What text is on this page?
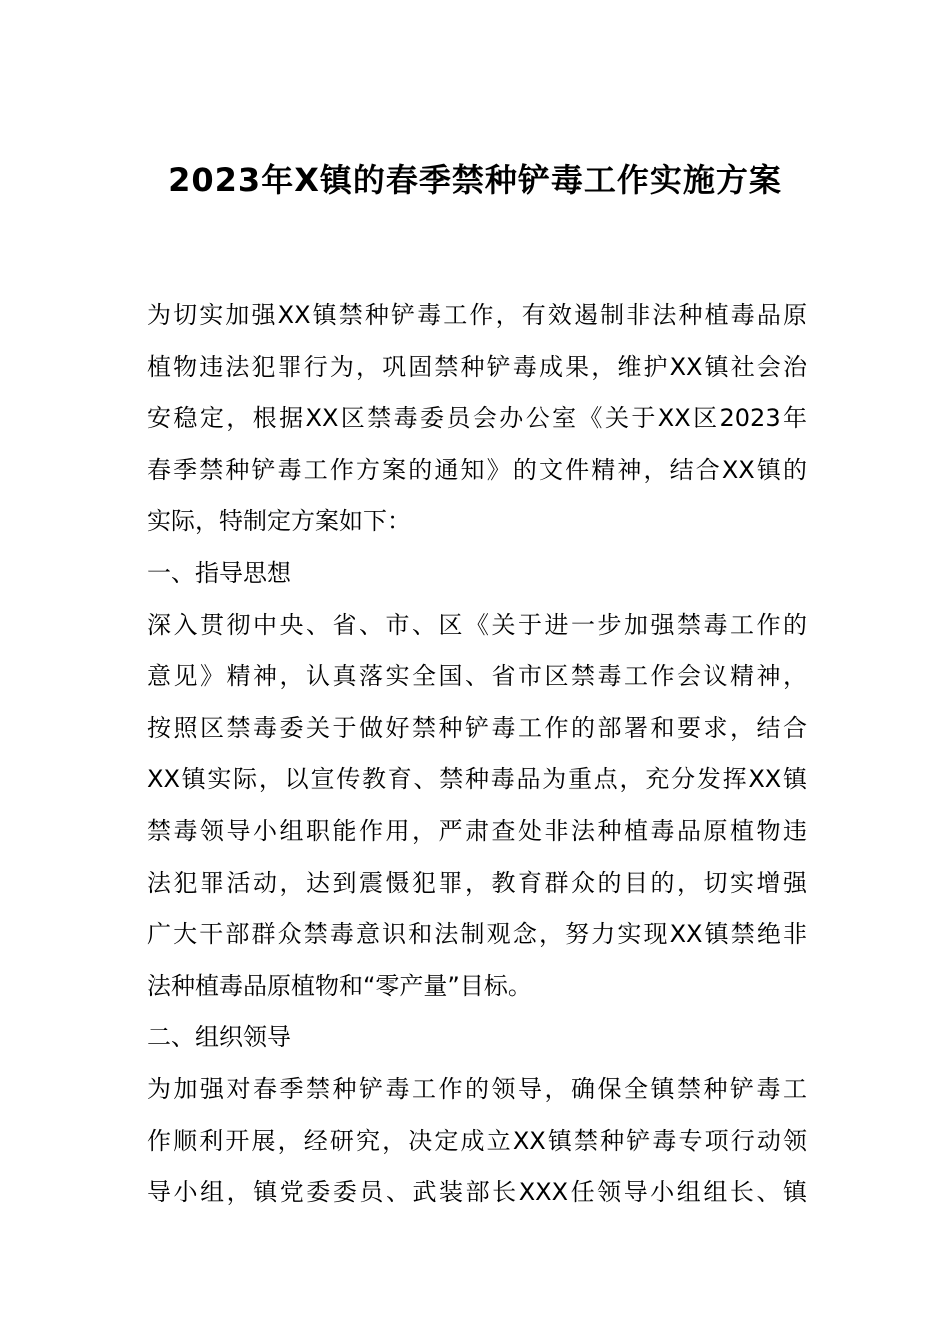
2023年X镇的春季禁种铲毒工作实施方案
为切实加强XX镇禁种铲毒工作，有效遏制非法种植毒品原
植物违法犯罪行为，巩固禁种铲毒成果，维护XX镇社会治
安稳定，根据XX区禁毒委员会办公室《关于XX区2023年
春季禁种铲毒工作方案的通知》的文件精神，结合XX镇的
实际，特制定方案如下：
一、指导思想
深入贯彻中央、省、市、区《关于进一步加强禁毒工作的
意见》精神，认真落实全国、省市区禁毒工作会议精神，
按照区禁毒委关于做好禁种铲毒工作的部署和要求，结合
XX镇实际，以宣传教育、禁种毒品为重点，充分发挥XX镇
禁毒领导小组职能作用，严肃查处非法种植毒品原植物违
法犯罪活动，达到震慑犯罪，教育群众的目的，切实增强
广大干部群众禁毒意识和法制观念，努力实现XX镇禁绝非
法种植毒品原植物和“零产量”目标。
二、组织领导
为加强对春季禁种铲毒工作的领导，确保全镇禁种铲毒工
作顺利开展，经研究，决定成立XX镇禁种铲毒专项行动领
导小组，镇党委委员、武装部长XXX任领导小组组长、镇
